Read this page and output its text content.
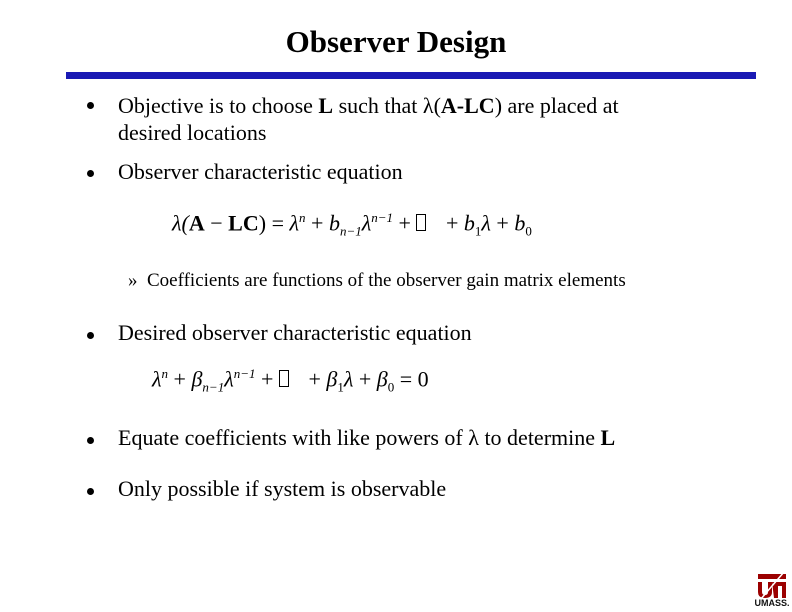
Observer Design
Objective is to choose L such that λ(A-LC) are placed at
desired locations
Observer characteristic equation
$\lambda(A - LC) = \lambda^n + b_{n-1}\lambda^{n-1}$ +  + $b_1\lambda + b_0$
» Coefficients are functions of the observer gain matrix elements
Desired observer characteristic equation
$\lambda^n + \beta_{n-1}\lambda^{n-1}$ +  + $\beta_1\lambda + \beta_0 = 0$
Equate coefficients with like powers of λ to determine L
Only possible if system is observable
UMASS.
